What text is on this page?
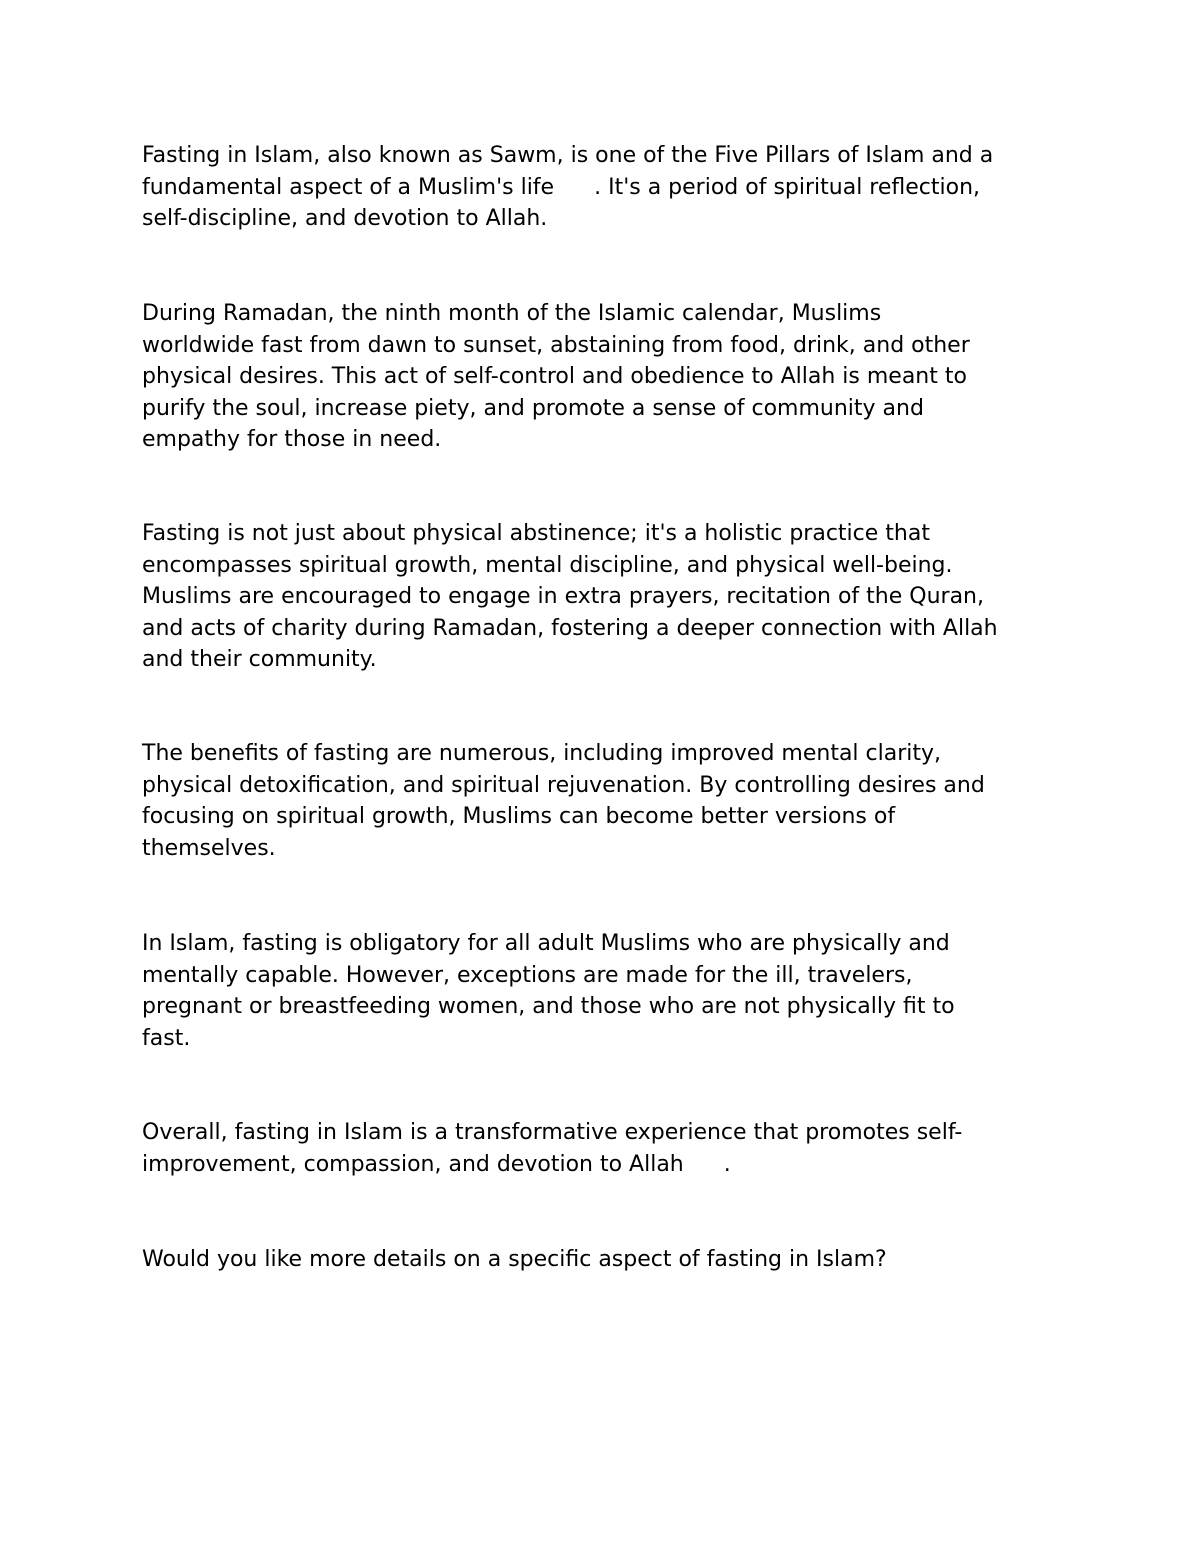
Fasting in Islam, also known as Sawm, is one of the Five Pillars of Islam and a
fundamental aspect of a Muslim's life . It's a period of spiritual reflection,
self-discipline, and devotion to Allah.

During Ramadan, the ninth month of the Islamic calendar, Muslims
worldwide fast from dawn to sunset, abstaining from food, drink, and other
physical desires. This act of self-control and obedience to Allah is meant to
purify the soul, increase piety, and promote a sense of community and
empathy for those in need.

Fasting is not just about physical abstinence; it's a holistic practice that
encompasses spiritual growth, mental discipline, and physical well-being.
Muslims are encouraged to engage in extra prayers, recitation of the Quran,
and acts of charity during Ramadan, fostering a deeper connection with Allah
and their community.

The benefits of fasting are numerous, including improved mental clarity,
physical detoxification, and spiritual rejuvenation. By controlling desires and
focusing on spiritual growth, Muslims can become better versions of
themselves.

In Islam, fasting is obligatory for all adult Muslims who are physically and
mentally capable. However, exceptions are made for the ill, travelers,
pregnant or breastfeeding women, and those who are not physically fit to
fast.

Overall, fasting in Islam is a transformative experience that promotes self-
improvement, compassion, and devotion to Allah .

Would you like more details on a specific aspect of fasting in Islam?
